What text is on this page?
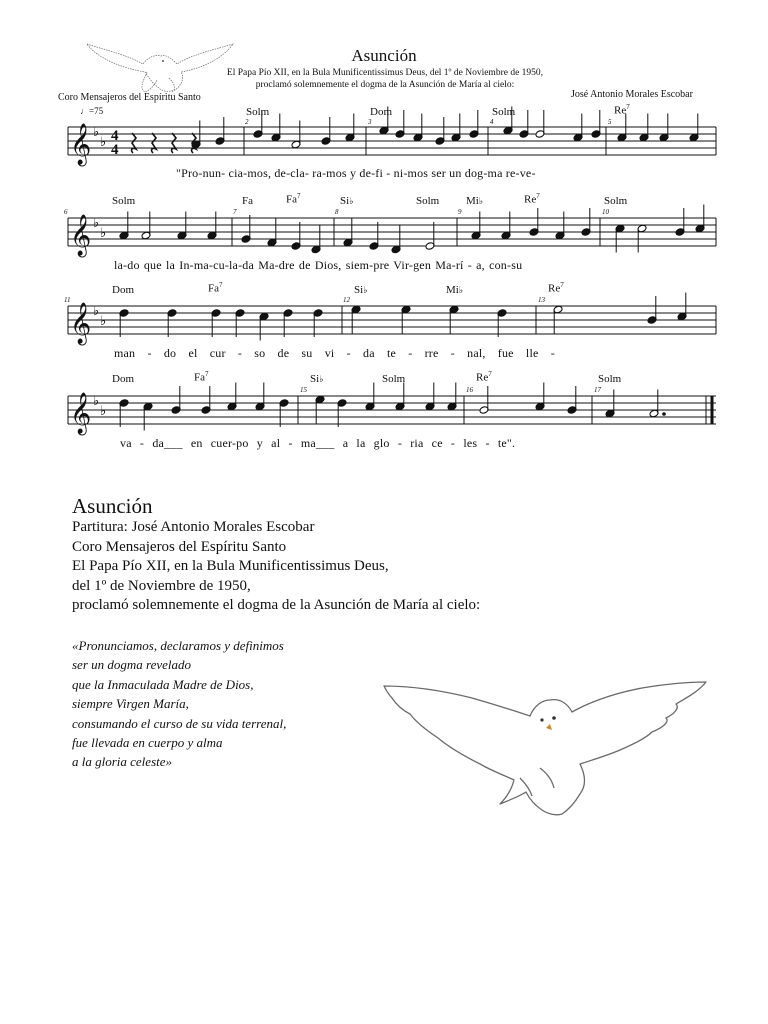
Asunción
El Papa Pío XII, en la Bula Munificentissimus Deus, del 1º de Noviembre de 1950, proclamó solemnemente el dogma de la Asunción de María al cielo:
Coro Mensajeros del Espíritu Santo	José Antonio Morales Escobar
♩=75
𝄞
𝄞
𝄞
𝄞
♭
♭
♭
♭
♭
♭
♭
♭
4
4
Solm	Dom	Solm	Re$^7$
Solm	Fa	Fa$^7$	Si♭	Solm Mi♭	Re$^7$	Solm
Dom	Fa$^7$	Si♭	Mi♭	Re$^7$
Dom	Fa$^7$	Si♭	Solm	Re$^7$	Solm
2	3	4	5
6	7	8	9	10
11	12	13
15	16	17
"Pro-nun- cia-mos, de-cla- ra-mos y de-fi - ni-mos ser un dog-ma re-ve-
la-do que la In-ma-cu-la-da Ma-dre de Dios, siem-pre Vir-gen Ma-rí - a, con-su
man - do el cur - so de su vi - da te - rre - nal, fue lle -
va - da___ en cuer-po y al - ma___ a la glo - ria ce - les - te".
Asunción
Partitura: José Antonio Morales Escobar
Coro Mensajeros del Espíritu Santo
El Papa Pío XII, en la Bula Munificentissimus Deus,
del 1º de Noviembre de 1950,
proclamó solemnemente el dogma de la Asunción de María al cielo:
«Pronunciamos, declaramos y definimos
ser un dogma revelado
que la Inmaculada Madre de Dios,
siempre Virgen María,
consumando el curso de su vida terrenal,
fue llevada en cuerpo y alma
a la gloria celeste»
